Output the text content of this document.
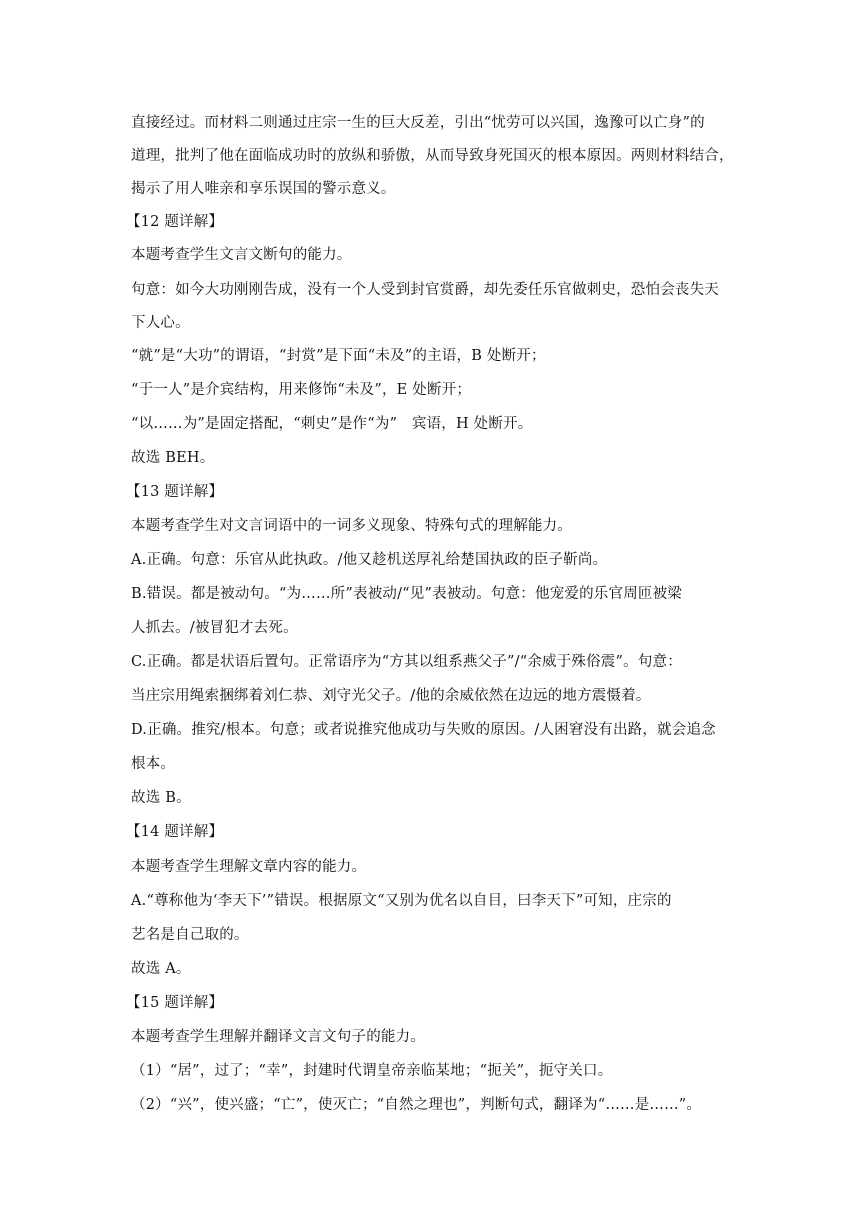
直接经过。而材料二则通过庄宗一生的巨大反差，引出“忧劳可以兴国，逸豫可以亡身”的
道理，批判了他在面临成功时的放纵和骄傲，从而导致身死国灭的根本原因。两则材料结合，
揭示了用人唯亲和享乐误国的警示意义。
【12 题详解】
本题考查学生文言文断句的能力。
句意：如今大功刚刚告成，没有一个人受到封官赏爵，却先委任乐官做刺史，恐怕会丧失天
下人心。
“就”是“大功”的谓语，“封赏”是下面“未及”的主语，B 处断开；
“于一人”是介宾结构，用来修饰“未及”，E 处断开；
“以……为”是固定搭配，“刺史”是作“为”　宾语，H 处断开。
故选 BEH。
【13 题详解】
本题考查学生对文言词语中的一词多义现象、特殊句式的理解能力。
A.正确。句意：乐官从此执政。/他又趁机送厚礼给楚国执政的臣子靳尚。
B.错误。都是被动句。“为……所”表被动/“见”表被动。句意：他宠爱的乐官周匝被梁
人抓去。/被冒犯才去死。
C.正确。都是状语后置句。正常语序为“方其以组系燕父子”/“余威于殊俗震”。句意：
当庄宗用绳索捆绑着刘仁恭、刘守光父子。/他的余威依然在边远的地方震慑着。
D.正确。推究/根本。句意；或者说推究他成功与失败的原因。/人困窘没有出路，就会追念
根本。
故选 B。
【14 题详解】
本题考查学生理解文章内容的能力。
A.“尊称他为‘李天下’”错误。根据原文“又别为优名以自目，曰李天下”可知，庄宗的
艺名是自己取的。
故选 A。
【15 题详解】
本题考查学生理解并翻译文言文句子的能力。
（1）“居”，过了；“幸”，封建时代谓皇帝亲临某地；“扼关”，扼守关口。
（2）“兴”，使兴盛；“亡”，使灭亡；“自然之理也”，判断句式，翻译为“……是……”。
